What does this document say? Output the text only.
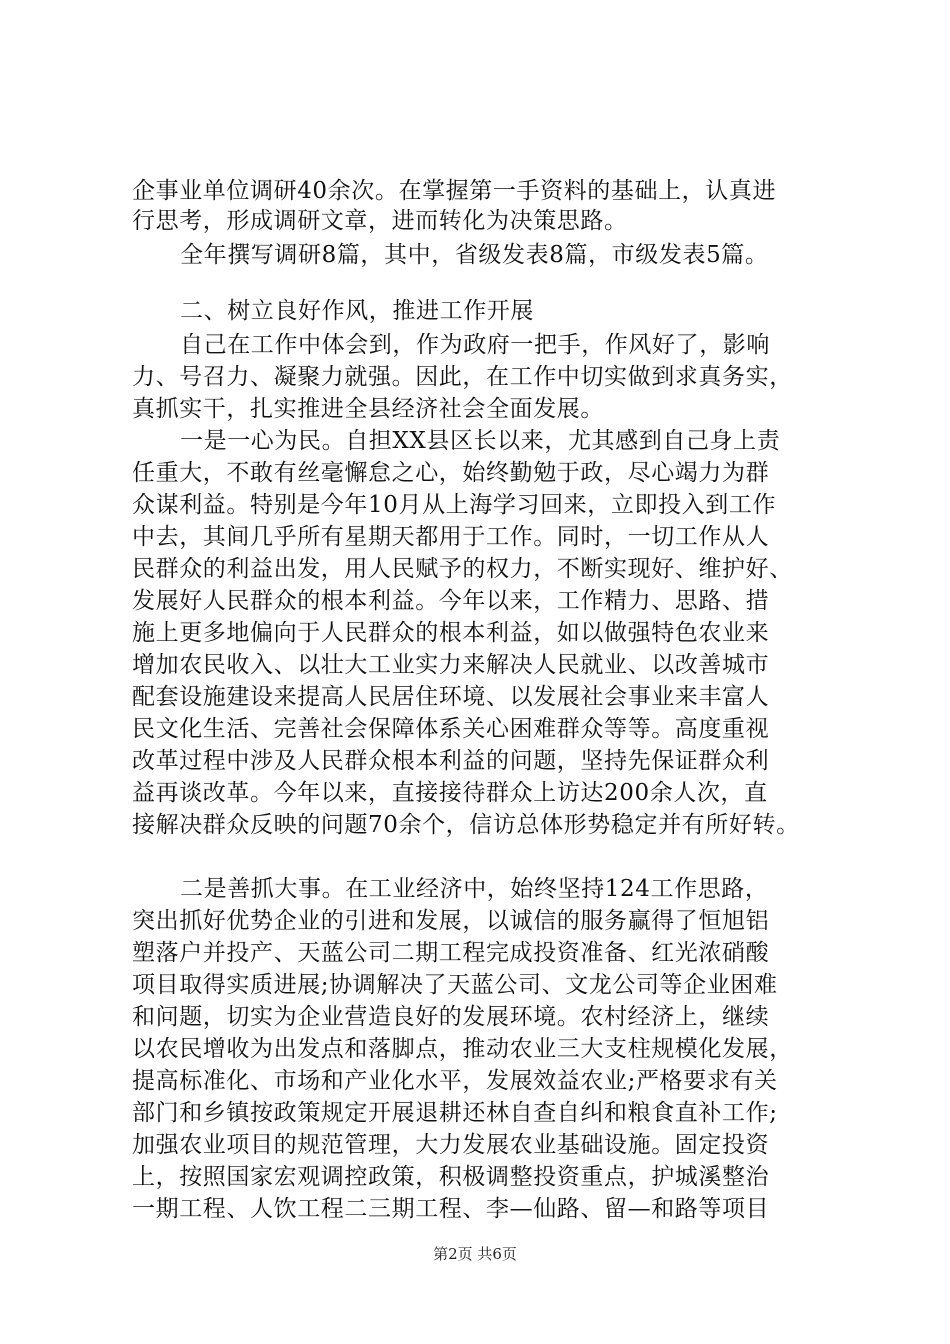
企事业单位调研40余次。在掌握第一手资料的基础上，认真进
行思考，形成调研文章，进而转化为决策思路。
全年撰写调研8篇，其中，省级发表8篇，市级发表5篇。
二、树立良好作风，推进工作开展
自己在工作中体会到，作为政府一把手，作风好了，影响
力、号召力、凝聚力就强。因此，在工作中切实做到求真务实，
真抓实干，扎实推进全县经济社会全面发展。
一是一心为民。自担XX县区长以来，尤其感到自己身上责
任重大，不敢有丝毫懈怠之心，始终勤勉于政，尽心竭力为群
众谋利益。特别是今年10月从上海学习回来，立即投入到工作
中去，其间几乎所有星期天都用于工作。同时，一切工作从人
民群众的利益出发，用人民赋予的权力，不断实现好、维护好、
发展好人民群众的根本利益。今年以来，工作精力、思路、措
施上更多地偏向于人民群众的根本利益，如以做强特色农业来
增加农民收入、以壮大工业实力来解决人民就业、以改善城市
配套设施建设来提高人民居住环境、以发展社会事业来丰富人
民文化生活、完善社会保障体系关心困难群众等等。高度重视
改革过程中涉及人民群众根本利益的问题，坚持先保证群众利
益再谈改革。今年以来，直接接待群众上访达200余人次，直
接解决群众反映的问题70余个，信访总体形势稳定并有所好转。
二是善抓大事。在工业经济中，始终坚持124工作思路，
突出抓好优势企业的引进和发展，以诚信的服务赢得了恒旭铝
塑落户并投产、天蓝公司二期工程完成投资准备、红光浓硝酸
项目取得实质进展;协调解决了天蓝公司、文龙公司等企业困难
和问题，切实为企业营造良好的发展环境。农村经济上，继续
以农民增收为出发点和落脚点，推动农业三大支柱规模化发展，
提高标准化、市场和产业化水平，发展效益农业;严格要求有关
部门和乡镇按政策规定开展退耕还林自查自纠和粮食直补工作;
加强农业项目的规范管理，大力发展农业基础设施。固定投资
上，按照国家宏观调控政策，积极调整投资重点，护城溪整治
一期工程、人饮工程二三期工程、李—仙路、留—和路等项目
第2页 共6页
